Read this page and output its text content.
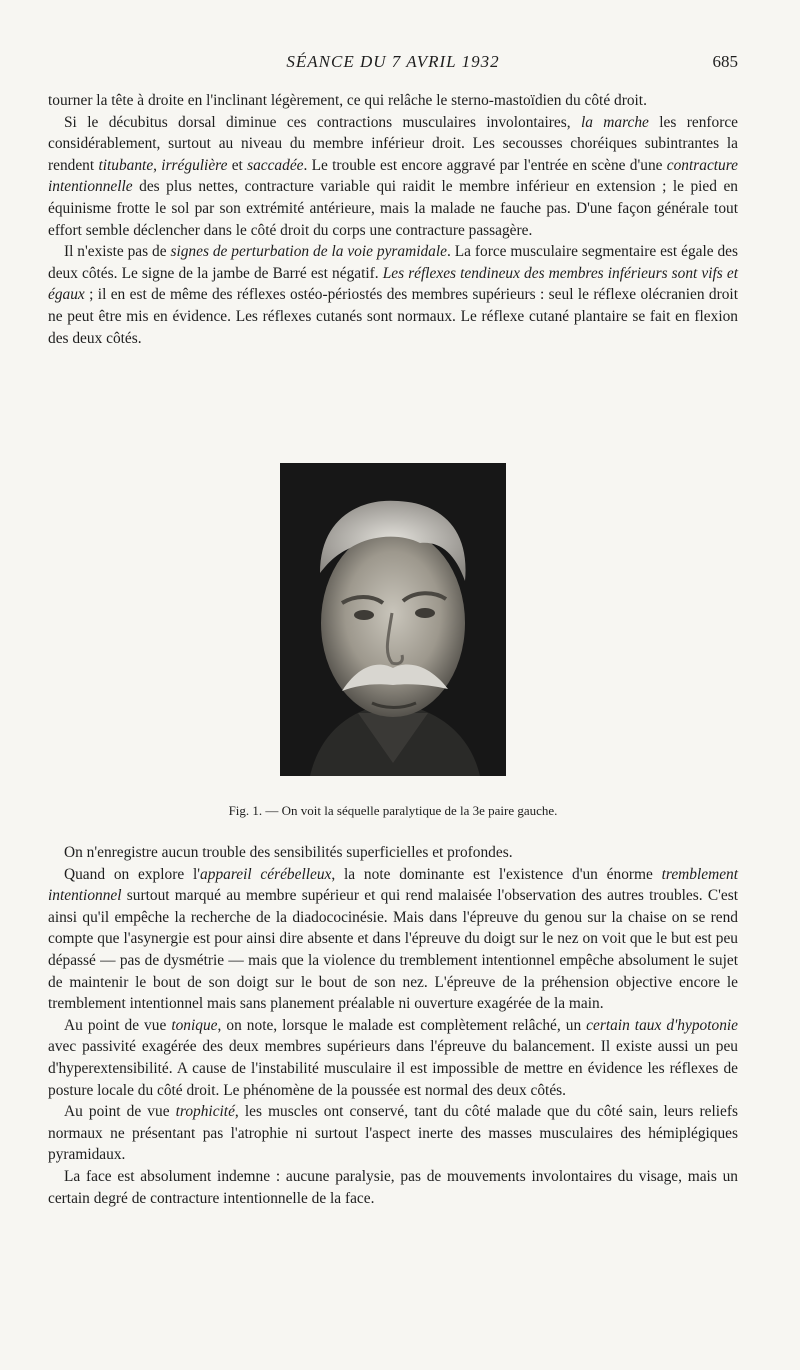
SÉANCE DU 7 AVRIL 1932	685

tourner la tête à droite en l'inclinant légèrement, ce qui relâche le sterno-mastoïdien du côté droit.

Si le décubitus dorsal diminue ces contractions musculaires involontaires, la marche les renforce considérablement, surtout au niveau du membre inférieur droit. Les secousses choréiques subintrantes la rendent titubante, irrégulière et saccadée. Le trouble est encore aggravé par l'entrée en scène d'une contracture intentionnelle des plus nettes, contracture variable qui raidit le membre inférieur en extension ; le pied en équinisme frotte le sol par son extrémité antérieure, mais la malade ne fauche pas. D'une façon générale tout effort semble déclencher dans le côté droit du corps une contracture passagère.

Il n'existe pas de signes de perturbation de la voie pyramidale. La force musculaire segmentaire est égale des deux côtés. Le signe de la jambe de Barré est négatif. Les réflexes tendineux des membres inférieurs sont vifs et égaux ; il en est de même des réflexes ostéo-périostés des membres supérieurs : seul le réflexe olécranien droit ne peut être mis en évidence. Les réflexes cutanés sont normaux. Le réflexe cutané plantaire se fait en flexion des deux côtés.

Fig. 1. — On voit la séquelle paralytique de la 3e paire gauche.

On n'enregistre aucun trouble des sensibilités superficielles et profondes.

Quand on explore l'appareil cérébelleux, la note dominante est l'existence d'un énorme tremblement intentionnel surtout marqué au membre supérieur et qui rend malaisée l'observation des autres troubles. C'est ainsi qu'il empêche la recherche de la diadococinésie. Mais dans l'épreuve du genou sur la chaise on se rend compte que l'asynergie est pour ainsi dire absente et dans l'épreuve du doigt sur le nez on voit que le but est peu dépassé — pas de dysmétrie — mais que la violence du tremblement intentionnel empêche absolument le sujet de maintenir le bout de son doigt sur le bout de son nez. L'épreuve de la préhension objective encore le tremblement intentionnel mais sans planement préalable ni ouverture exagérée de la main.

Au point de vue tonique, on note, lorsque le malade est complètement relâché, un certain taux d'hypotonie avec passivité exagérée des deux membres supérieurs dans l'épreuve du balancement. Il existe aussi un peu d'hyperextensibilité. A cause de l'instabilité musculaire il est impossible de mettre en évidence les réflexes de posture locale du côté droit. Le phénomène de la poussée est normal des deux côtés.

Au point de vue trophicité, les muscles ont conservé, tant du côté malade que du côté sain, leurs reliefs normaux ne présentant pas l'atrophie ni surtout l'aspect inerte des masses musculaires des hémiplégiques pyramidaux.

La face est absolument indemne : aucune paralysie, pas de mouvements involontaires du visage, mais un certain degré de contracture intentionnelle de la face.
